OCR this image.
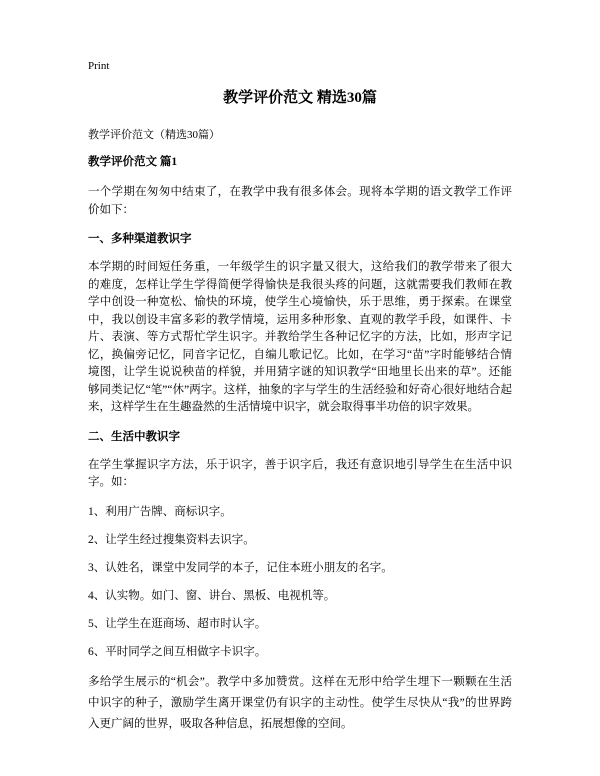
Print
教学评价范文 精选30篇
教学评价范文（精选30篇）
教学评价范文 篇1

一个学期在匆匆中结束了，在教学中我有很多体会。现将本学期的语文教学工作评价如下：

一、多种渠道教识字

本学期的时间短任务重，一年级学生的识字量又很大，这给我们的教学带来了很大的难度，怎样让学生学得简便学得愉快是我很头疼的问题，这就需要我们教师在教学中创设一种宽松、愉快的环境，使学生心境愉快，乐于思维，勇于探索。在课堂中，我以创设丰富多彩的教学情境，运用多种形象、直观的教学手段，如课件、卡片、表演、等方式帮忙学生识字。并教给学生各种记忆字的方法，比如，形声字记忆，换偏旁记忆，同音字记忆，自编儿歌记忆。比如，在学习“苗”字时能够结合情境图，让学生说说秧苗的样貌，并用猜字谜的知识教学“田地里长出来的草”。还能够同类记忆“笔”“休”两字。这样，抽象的字与学生的生活经验和好奇心很好地结合起来，这样学生在生趣盎然的生活情境中识字，就会取得事半功倍的识字效果。

二、生活中教识字

在学生掌握识字方法，乐于识字，善于识字后，我还有意识地引导学生在生活中识字。如：

1、利用广告牌、商标识字。
2、让学生经过搜集资料去识字。
3、认姓名，课堂中发同学的本子，记住本班小朋友的名字。
4、认实物。如门、窗、讲台、黑板、电视机等。
5、让学生在逛商场、超市时认字。
6、平时同学之间互相做字卡识字。

多给学生展示的“机会”。教学中多加赞赏。这样在无形中给学生埋下一颗颗在生活中识字的种子，激励学生离开课堂仍有识字的主动性。使学生尽快从“我”的世界跨入更广阔的世界，吸取各种信息，拓展想像的空间。
